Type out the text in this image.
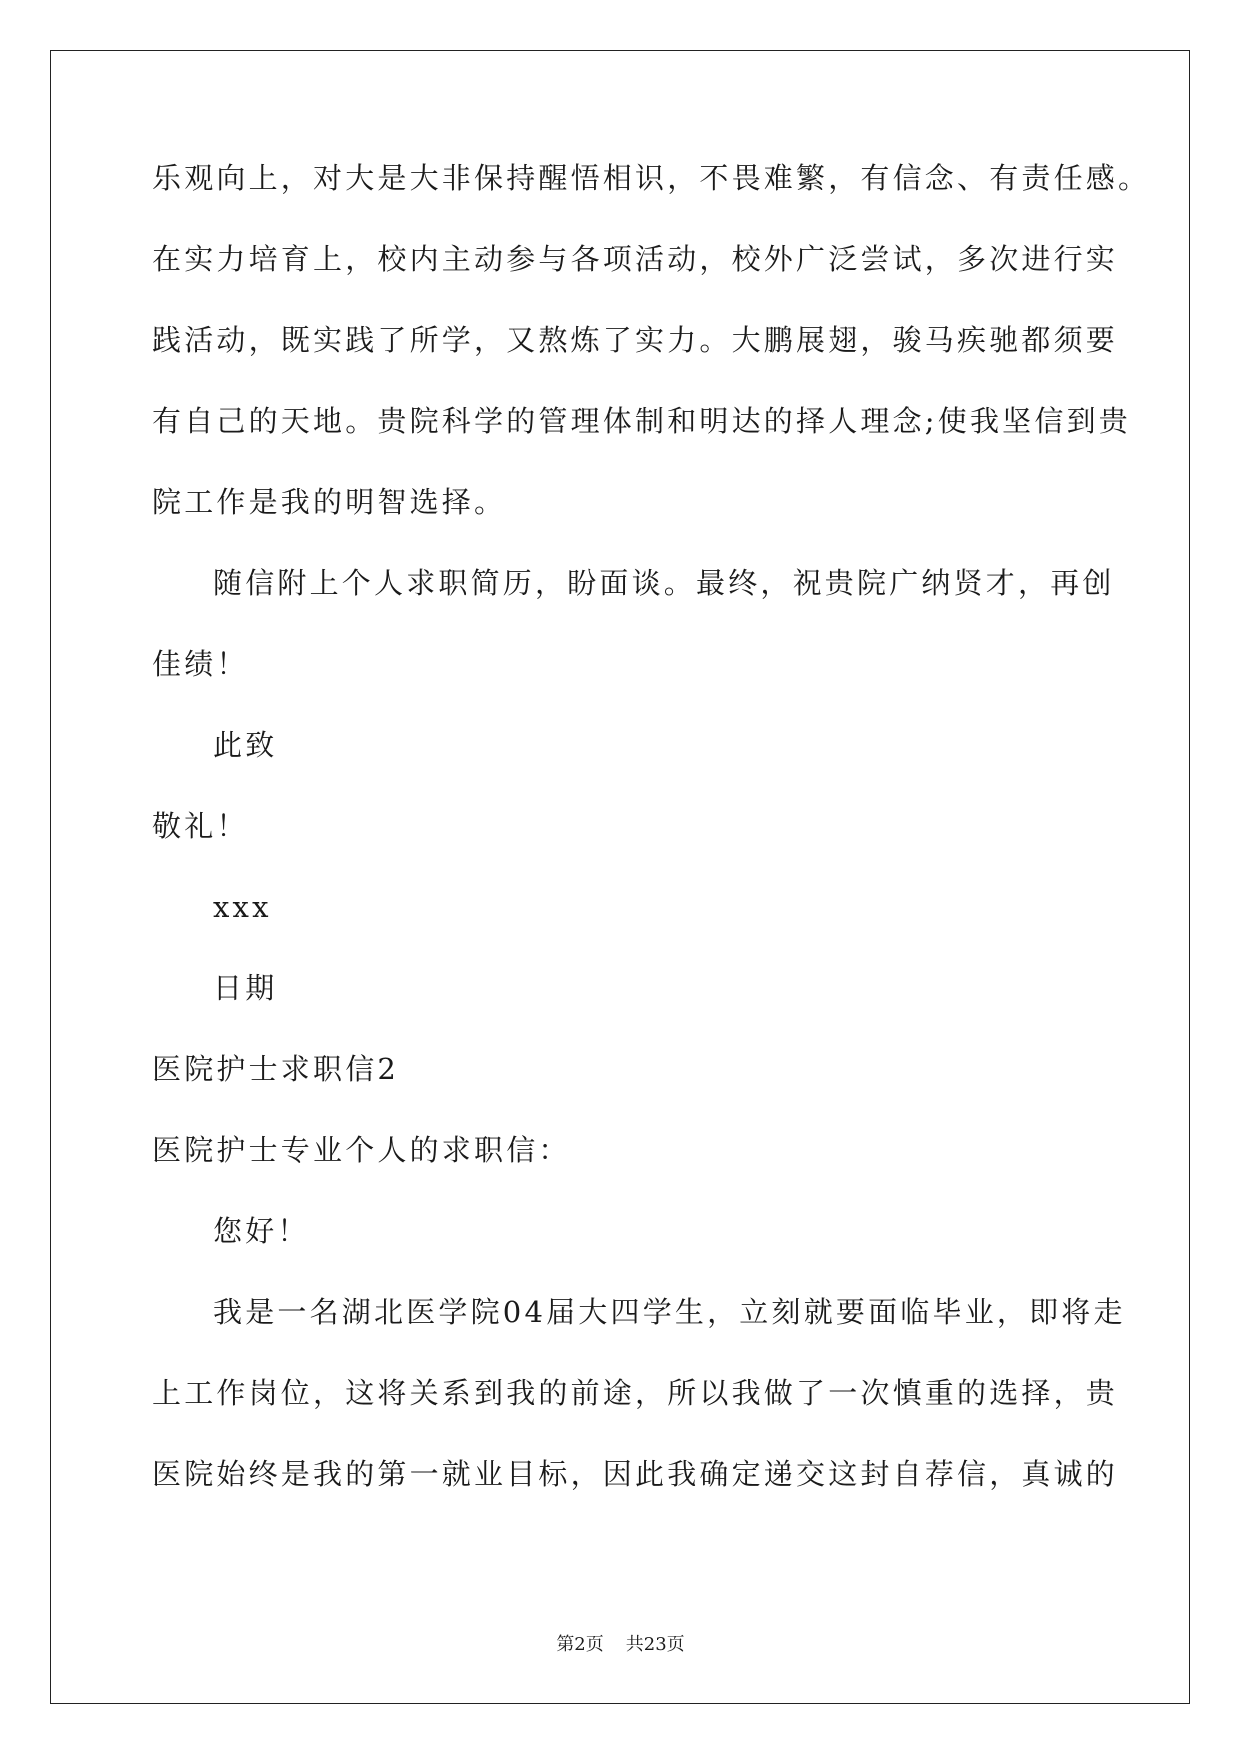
乐观向上，对大是大非保持醒悟相识，不畏难繁，有信念、有责任感。
在实力培育上，校内主动参与各项活动，校外广泛尝试，多次进行实
践活动，既实践了所学，又熬炼了实力。大鹏展翅，骏马疾驰都须要
有自己的天地。贵院科学的管理体制和明达的择人理念;使我坚信到贵
院工作是我的明智选择。
随信附上个人求职简历，盼面谈。最终，祝贵院广纳贤才，再创
佳绩！
此致
敬礼！
xxx
日期
医院护士求职信2
医院护士专业个人的求职信：
您好！
我是一名湖北医学院04届大四学生，立刻就要面临毕业，即将走
上工作岗位，这将关系到我的前途，所以我做了一次慎重的选择，贵
医院始终是我的第一就业目标，因此我确定递交这封自荐信，真诚的
第2页 共23页
